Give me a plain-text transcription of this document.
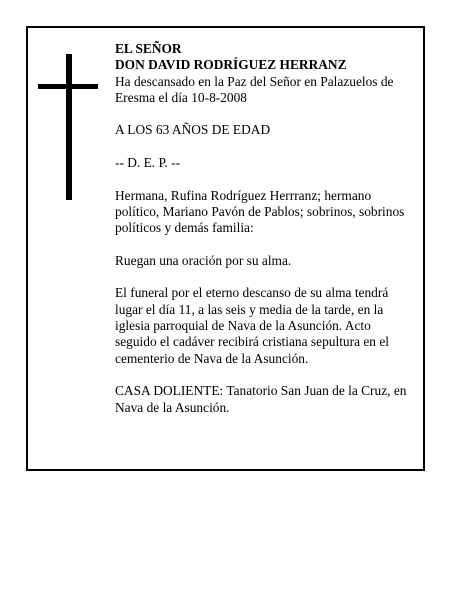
EL SEÑOR

DON DAVID RODRÍGUEZ HERRANZ

Ha descansado en la Paz del Señor en Palazuelos de Eresma el día 10-8-2008

A LOS 63 AÑOS DE EDAD

-- D. E. P. --

Hermana, Rufina Rodríguez Herrranz; hermano político, Mariano Pavón de Pablos; sobrinos, sobrinos políticos y demás familia:

Ruegan una oración por su alma.

El funeral por el eterno descanso de su alma tendrá lugar el día 11, a las seis y media de la tarde, en la iglesia parroquial de Nava de la Asunción. Acto seguido el cadáver recibirá cristiana sepultura en el cementerio de Nava de la Asunción.

CASA DOLIENTE: Tanatorio San Juan de la Cruz, en Nava de la Asunción.
